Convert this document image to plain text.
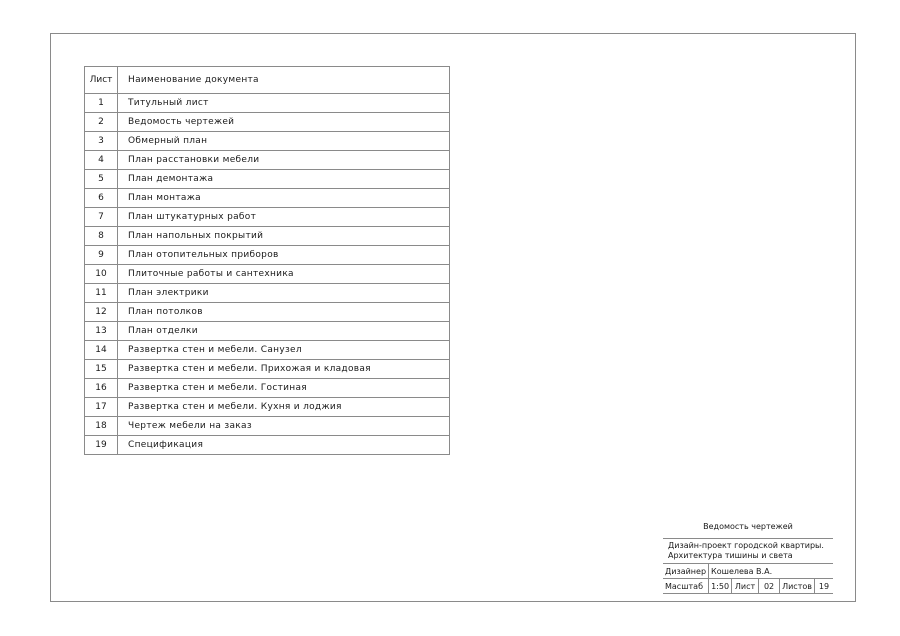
Лист	Наименование документа
1	Титульный лист
2	Ведомость чертежей
3	Обмерный план
4	План расстановки мебели
5	План демонтажа
6	План монтажа
7	План штукатурных работ
8	План напольных покрытий
9	План отопительных приборов
10	Плиточные работы и сантехника
11	План электрики
12	План потолков
13	План отделки
14	Развертка стен и мебели. Санузел
15	Развертка стен и мебели. Прихожая и кладовая
16	Развертка стен и мебели. Гостиная
17	Развертка стен и мебели. Кухня и лоджия
18	Чертеж мебели на заказ
19	Спецификация
Ведомость чертежей
Дизайн-проект городской квартиры.
Архитектура тишины и света
Дизайнер	Кошелева В.А.				
Масштаб	1:50	Лист	02	Листов	19
